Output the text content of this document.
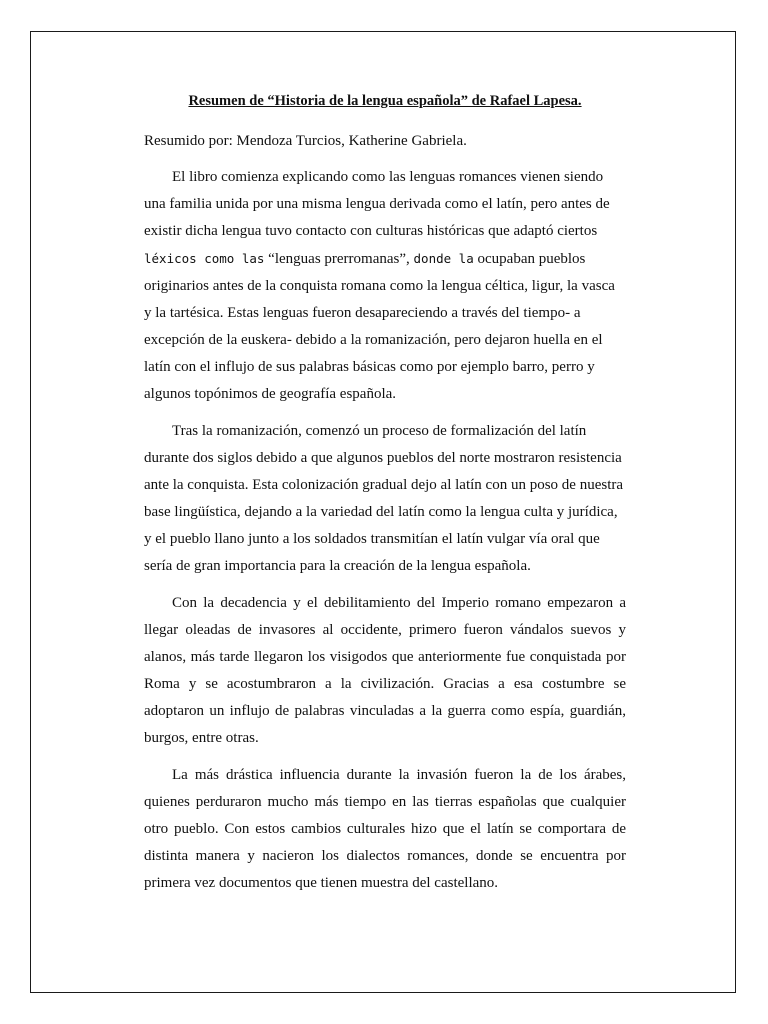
Resumen de “Historia de la lengua española” de Rafael Lapesa.

Resumido por: Mendoza Turcios, Katherine Gabriela.

El libro comienza explicando como las lenguas romances vienen siendo una familia unida por una misma lengua derivada como el latín, pero antes de existir dicha lengua tuvo contacto con culturas históricas que adaptó ciertos léxicos como las “lenguas prerromanas”, donde la ocupaban pueblos originarios antes de la conquista romana como la lengua céltica, ligur, la vasca y la tartésica. Estas lenguas fueron desapareciendo a través del tiempo- a excepción de la euskera- debido a la romanización, pero dejaron huella en el latín con el influjo de sus palabras básicas como por ejemplo barro, perro y algunos topónimos de geografía española.

Tras la romanización, comenzó un proceso de formalización del latín durante dos siglos debido a que algunos pueblos del norte mostraron resistencia ante la conquista. Esta colonización gradual dejo al latín con un poso de nuestra base lingüística, dejando a la variedad del latín como la lengua culta y jurídica, y el pueblo llano junto a los soldados transmitían el latín vulgar vía oral que sería de gran importancia para la creación de la lengua española.

Con la decadencia y el debilitamiento del Imperio romano empezaron a llegar oleadas de invasores al occidente, primero fueron vándalos suevos y alanos, más tarde llegaron los visigodos que anteriormente fue conquistada por Roma y se acostumbraron a la civilización. Gracias a esa costumbre se adoptaron un influjo de palabras vinculadas a la guerra como espía, guardián, burgos, entre otras.

La más drástica influencia durante la invasión fueron la de los árabes, quienes perduraron mucho más tiempo en las tierras españolas que cualquier otro pueblo. Con estos cambios culturales hizo que el latín se comportara de distinta manera y nacieron los dialectos romances, donde se encuentra por primera vez documentos que tienen muestra del castellano.
